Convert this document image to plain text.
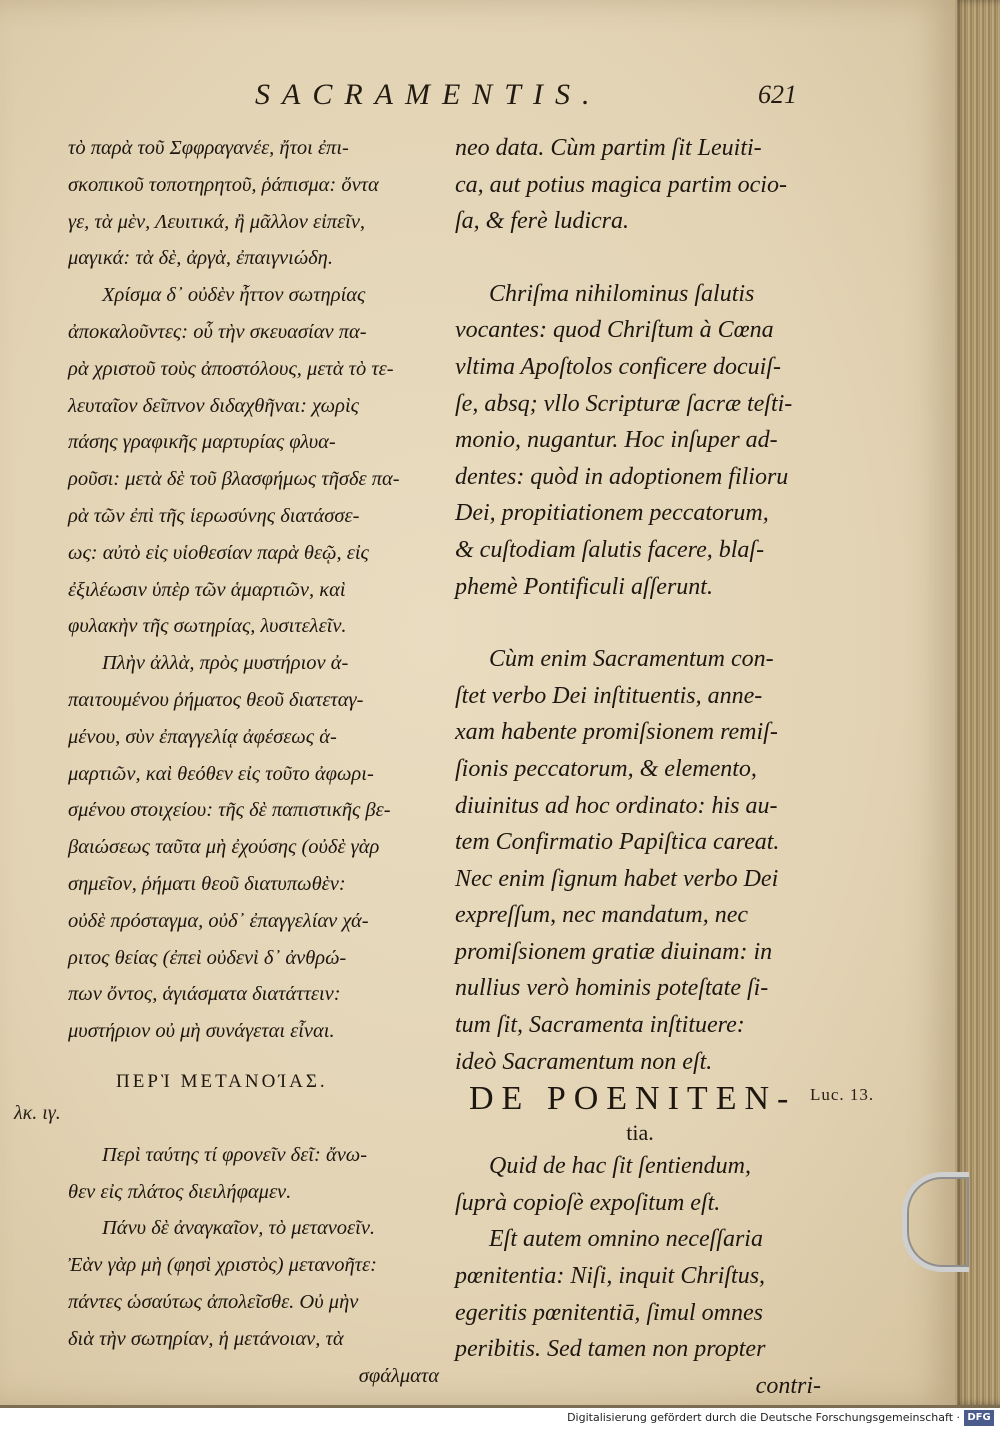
SACRAMENTIS.	621
τὸ παρὰ τοῦ Σφφραγανέε, ἤτοι ἐπι-
σκοπικοῦ τοποτηρητοῦ, ῥάπισμα: ὄντα
γε, τὰ μὲν, Λευιτικά, ἢ μᾶλλον εἰπεῖν,
μαγικά: τὰ δὲ, ἀργὰ, ἐπαιγνιώδη.
Χρίσμα δ᾽ οὐδὲν ἧττον σωτηρίας
ἀποκαλοῦντες: οὗ τὴν σκευασίαν πα-
ρὰ χριστοῦ τοὺς ἀποστόλους, μετὰ τὸ τε-
λευταῖον δεῖπνον διδαχθῆναι: χωρὶς
πάσης γραφικῆς μαρτυρίας φλυα-
ροῦσι: μετὰ δὲ τοῦ βλασφήμως τῆσδε πα-
ρὰ τῶν ἐπὶ τῆς ἱερωσύνης διατάσσε-
ως: αὐτὸ εἰς υἱοθεσίαν παρὰ θεῷ, εἰς
ἐξιλέωσιν ὑπὲρ τῶν ἁμαρτιῶν, καὶ
φυλακὴν τῆς σωτηρίας, λυσιτελεῖν.
Πλὴν ἀλλὰ, πρὸς μυστήριον ἀ-
παιτουμένου ῥήματος θεοῦ διατεταγ-
μένου, σὺν ἐπαγγελίᾳ ἀφέσεως ἁ-
μαρτιῶν, καὶ θεόθεν εἰς τοῦτο ἀφωρι-
σμένου στοιχείου: τῆς δὲ παπιστικῆς βε-
βαιώσεως ταῦτα μὴ ἐχούσης (οὐδὲ γὰρ
σημεῖον, ῥήματι θεοῦ διατυπωθὲν:
οὐδὲ πρόσταγμα, οὐδ᾽ ἐπαγγελίαν χά-
ριτος θείας (ἐπεὶ οὐδενὶ δ᾽ ἀνθρώ-
πων ὄντος, ἁγιάσματα διατάττειν:
μυστήριον οὐ μὴ συνάγεται εἶναι.
ΠΕΡῚ ΜΕΤΑΝΟΊΑΣ.
Περὶ ταύτης τί φρονεῖν δεῖ: ἄνω-
θεν εἰς πλάτος διειλήφαμεν.
Πάνυ δὲ ἀναγκαῖον, τὸ μετανοεῖν.
Ἐὰν γὰρ μὴ (φησὶ χριστὸς) μετανοῆτε:
πάντες ὡσαύτως ἀπολεῖσθε. Οὐ μὴν
διὰ τὴν σωτηρίαν, ἡ μετάνοιαν, τὰ
σφάλματα
neo data. Cùm partim ſit Leuiti-
ca, aut potius magica partim ocio-
ſa, & ferè ludicra.
Chriſma nihilominus ſalutis
vocantes: quod Chriſtum à Cœna
vltima Apoſtolos conficere docuiſ-
ſe, absq; vllo Scripturæ ſacræ teſti-
monio, nugantur. Hoc inſuper ad-
dentes: quòd in adoptionem filioru
Dei, propitiationem peccatorum,
& cuſtodiam ſalutis facere, blaſ-
phemè Pontificuli aſſerunt.
Cùm enim Sacramentum con-
ſtet verbo Dei inſtituentis, anne-
xam habente promiſsionem remiſ-
ſionis peccatorum, & elemento,
diuinitus ad hoc ordinato: his au-
tem Confirmatio Papiſtica careat.
Nec enim ſignum habet verbo Dei
expreſſum, nec mandatum, nec
promiſsionem gratiæ diuinam: in
nullius verò hominis poteſtate ſi-
tum ſit, Sacramenta inſtituere:
ideò Sacramentum non eſt.
DE POENITEN-
tia.
Quid de hac ſit ſentiendum,
ſuprà copioſè expoſitum eſt.
Eſt autem omnino neceſſaria
pœnitentia: Niſi, inquit Chriſtus,
egeritis pœnitentiā, ſimul omnes
peribitis. Sed tamen non propter
contri-
λκ. ιγ.
Luc. 13.
Digitalisierung gefördert durch die Deutsche Forschungsgemeinschaft · DFG
